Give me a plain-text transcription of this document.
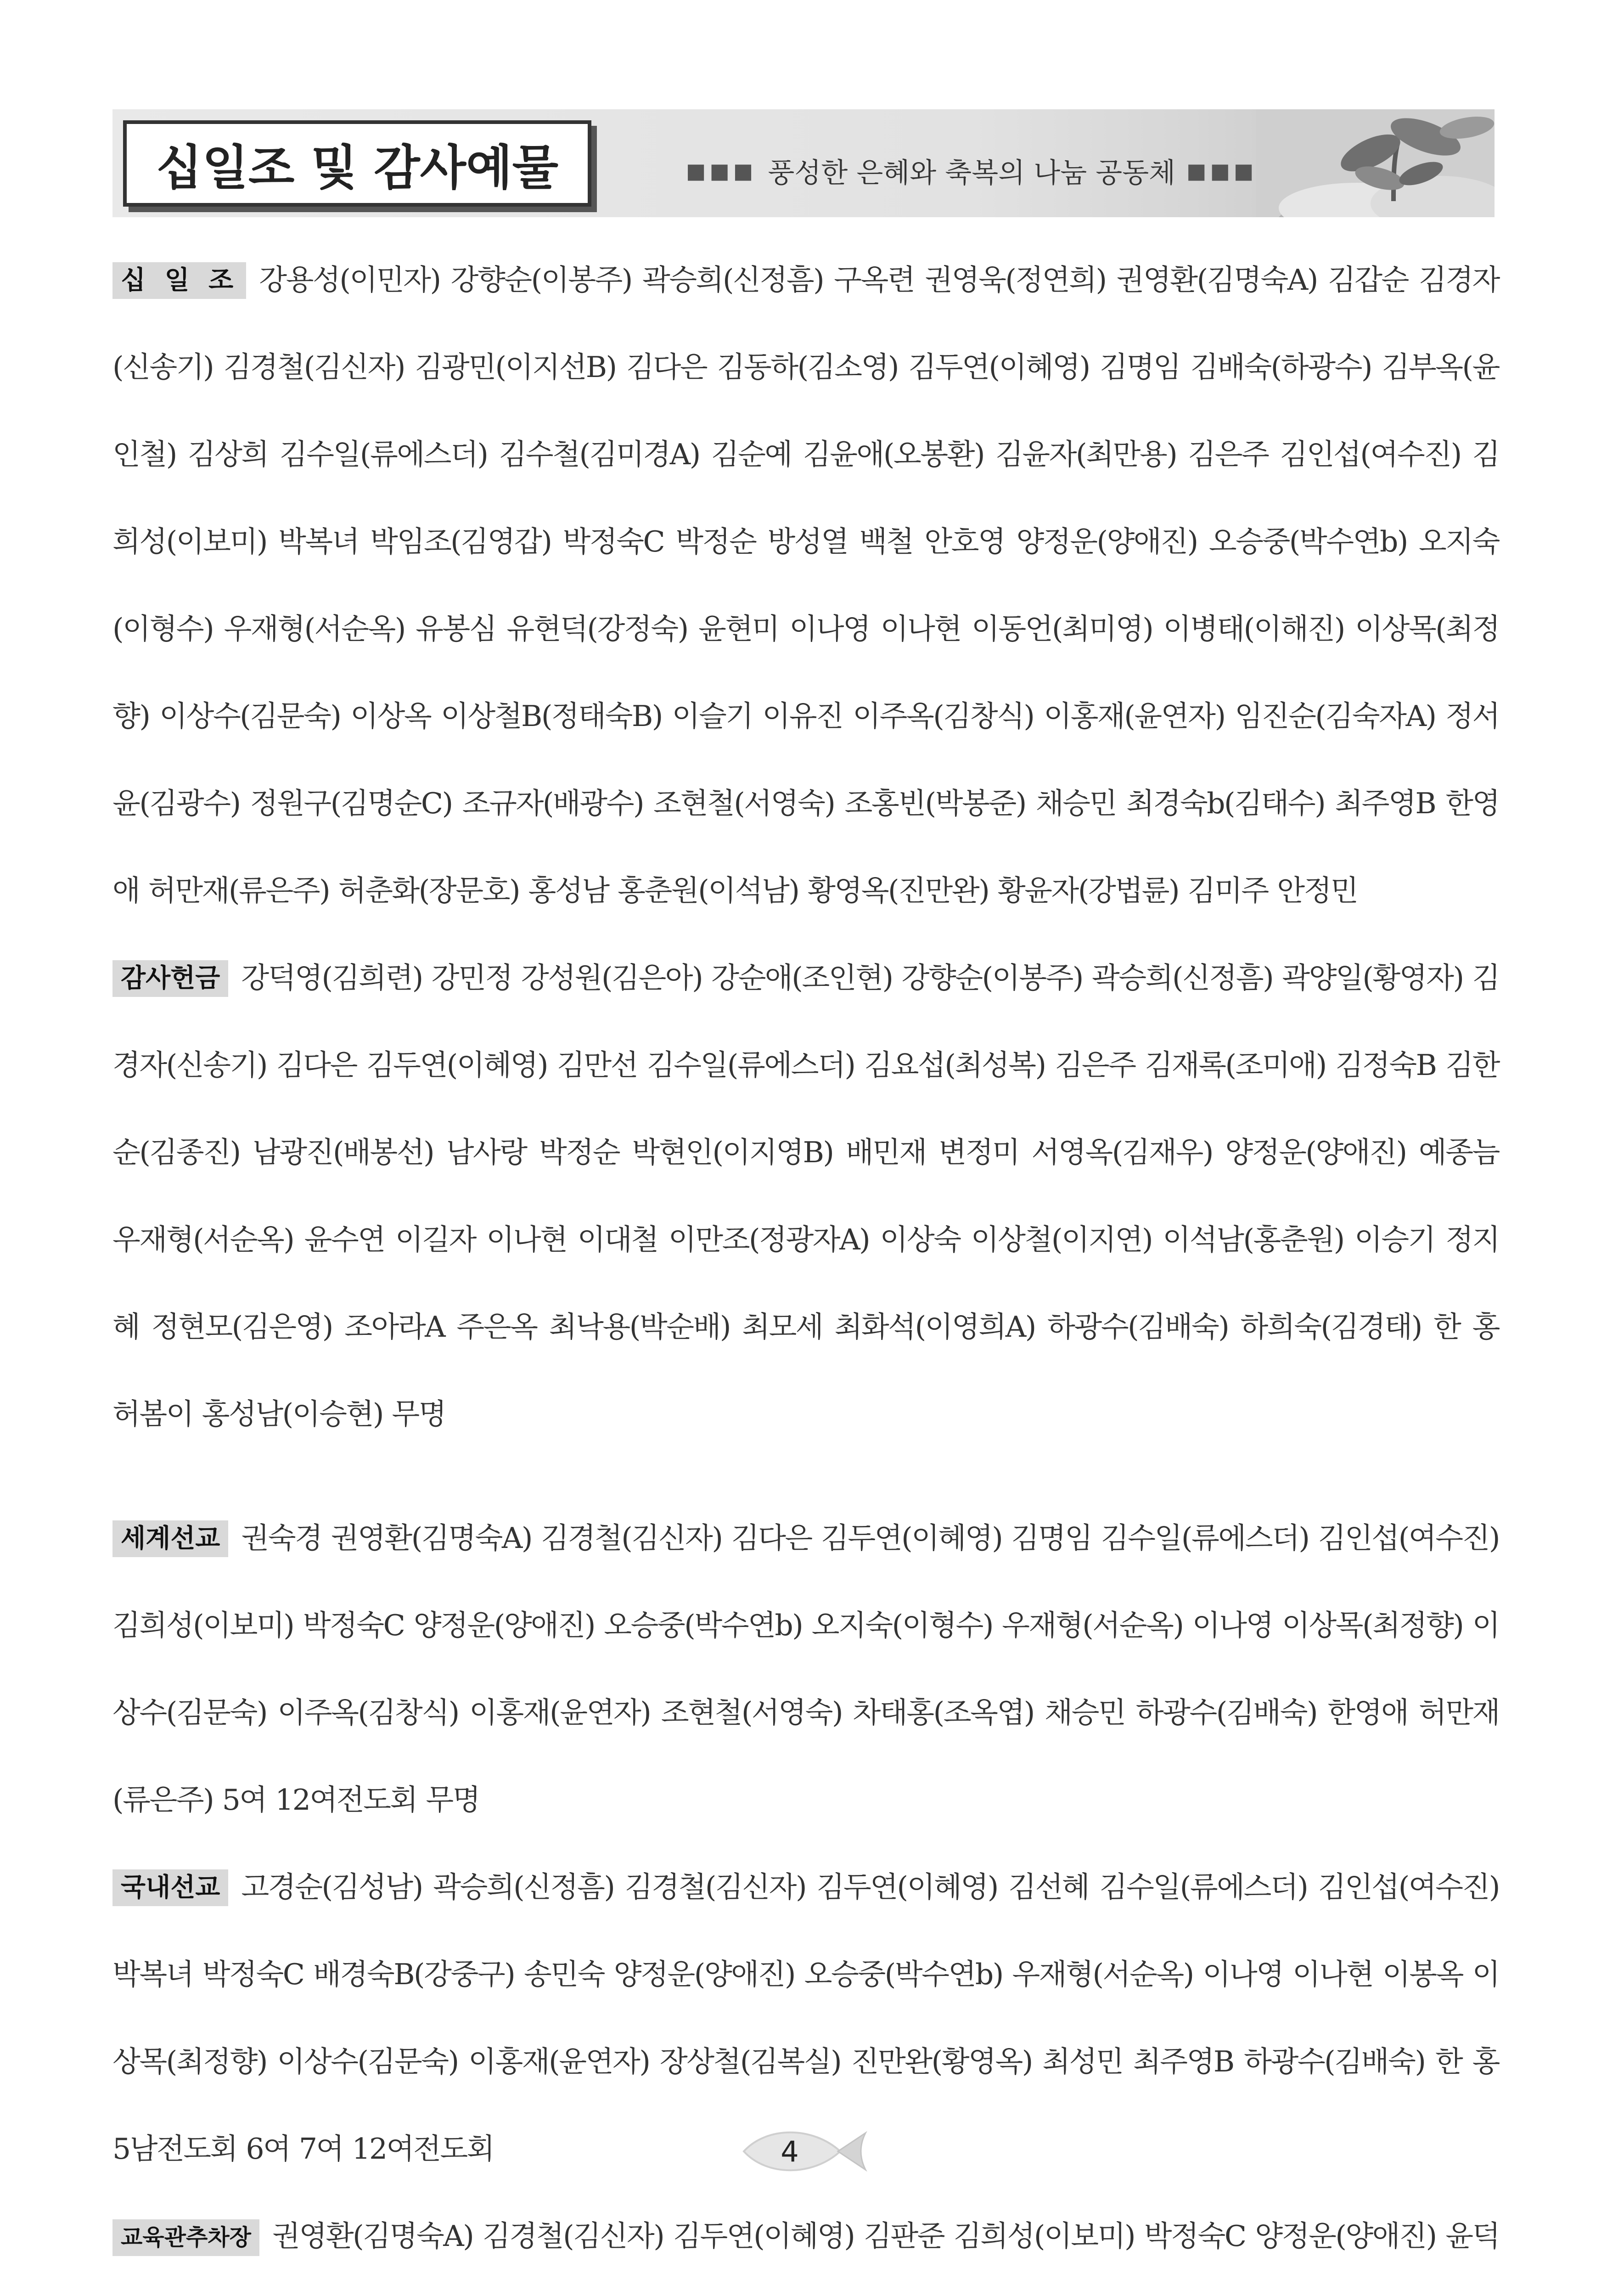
십일조 및 감사예물	■■■ 풍성한 은혜와 축복의 나눔 공동체 ■■■

십 일 조 강용성(이민자) 강향순(이봉주) 곽승희(신정흠) 구옥련 권영욱(정연희) 권영환(김명숙A) 김갑순 김경자(신송기) 김경철(김신자) 김광민(이지선B) 김다은 김동하(김소영) 김두연(이혜영) 김명임 김배숙(하광수) 김부옥(윤인철) 김상희 김수일(류에스더) 김수철(김미경A) 김순예 김윤애(오봉환) 김윤자(최만용) 김은주 김인섭(여수진) 김희성(이보미) 박복녀 박임조(김영갑) 박정숙C 박정순 방성열 백철 안호영 양정운(양애진) 오승중(박수연b) 오지숙(이형수) 우재형(서순옥) 유봉심 유현덕(강정숙) 윤현미 이나영 이나현 이동언(최미영) 이병태(이해진) 이상목(최정향) 이상수(김문숙) 이상옥 이상철B(정태숙B) 이슬기 이유진 이주옥(김창식) 이홍재(윤연자) 임진순(김숙자A) 정서윤(김광수) 정원구(김명순C) 조규자(배광수) 조현철(서영숙) 조홍빈(박봉준) 채승민 최경숙b(김태수) 최주영B 한영애 허만재(류은주) 허춘화(장문호) 홍성남 홍춘원(이석남) 황영옥(진만완) 황윤자(강법륜) 김미주 안정민

감사헌금 강덕영(김희련) 강민정 강성원(김은아) 강순애(조인현) 강향순(이봉주) 곽승희(신정흠) 곽양일(황영자) 김경자(신송기) 김다은 김두연(이혜영) 김만선 김수일(류에스더) 김요섭(최성복) 김은주 김재록(조미애) 김정숙B 김한순(김종진) 남광진(배봉선) 남사랑 박정순 박현인(이지영B) 배민재 변정미 서영옥(김재우) 양정운(양애진) 예종늠 우재형(서순옥) 윤수연 이길자 이나현 이대철 이만조(정광자A) 이상숙 이상철(이지연) 이석남(홍춘원) 이승기 정지혜 정현모(김은영) 조아라A 주은옥 최낙용(박순배) 최모세 최화석(이영희A) 하광수(김배숙) 하희숙(김경태) 한 홍 허봄이 홍성남(이승현) 무명

세계선교 권숙경 권영환(김명숙A) 김경철(김신자) 김다은 김두연(이혜영) 김명임 김수일(류에스더) 김인섭(여수진) 김희성(이보미) 박정숙C 양정운(양애진) 오승중(박수연b) 오지숙(이형수) 우재형(서순옥) 이나영 이상목(최정향) 이상수(김문숙) 이주옥(김창식) 이홍재(윤연자) 조현철(서영숙) 차태홍(조옥엽) 채승민 하광수(김배숙) 한영애 허만재(류은주) 5여 12여전도회 무명

국내선교 고경순(김성남) 곽승희(신정흠) 김경철(김신자) 김두연(이혜영) 김선혜 김수일(류에스더) 김인섭(여수진) 박복녀 박정숙C 배경숙B(강중구) 송민숙 양정운(양애진) 오승중(박수연b) 우재형(서순옥) 이나영 이나현 이봉옥 이상목(최정향) 이상수(김문숙) 이홍재(윤연자) 장상철(김복실) 진만완(황영옥) 최성민 최주영B 하광수(김배숙) 한 홍 5남전도회 6여 7여 12여전도회

교육관추차장 권영환(김명숙A) 김경철(김신자) 김두연(이혜영) 김판준 김희성(이보미) 박정숙C 양정운(양애진) 윤덕

4
